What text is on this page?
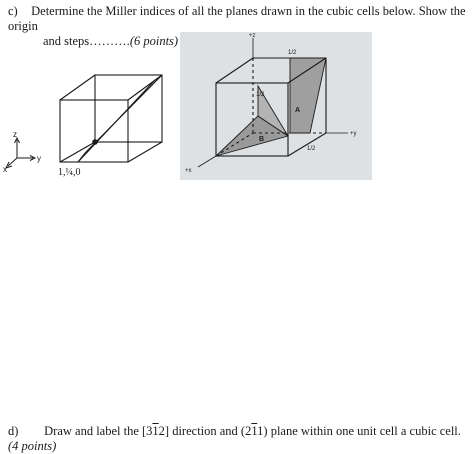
c) Determine the Miller indices of all the planes drawn in the cubic cells below. Show the origin
and steps……….(6 points)
z
y
x	1,¼,0
+z
+y
+x
1/2
1/2
1/2
A
B
d) Draw and label the [312] direction and (211) plane within one unit cell a cubic cell.(4 points)
